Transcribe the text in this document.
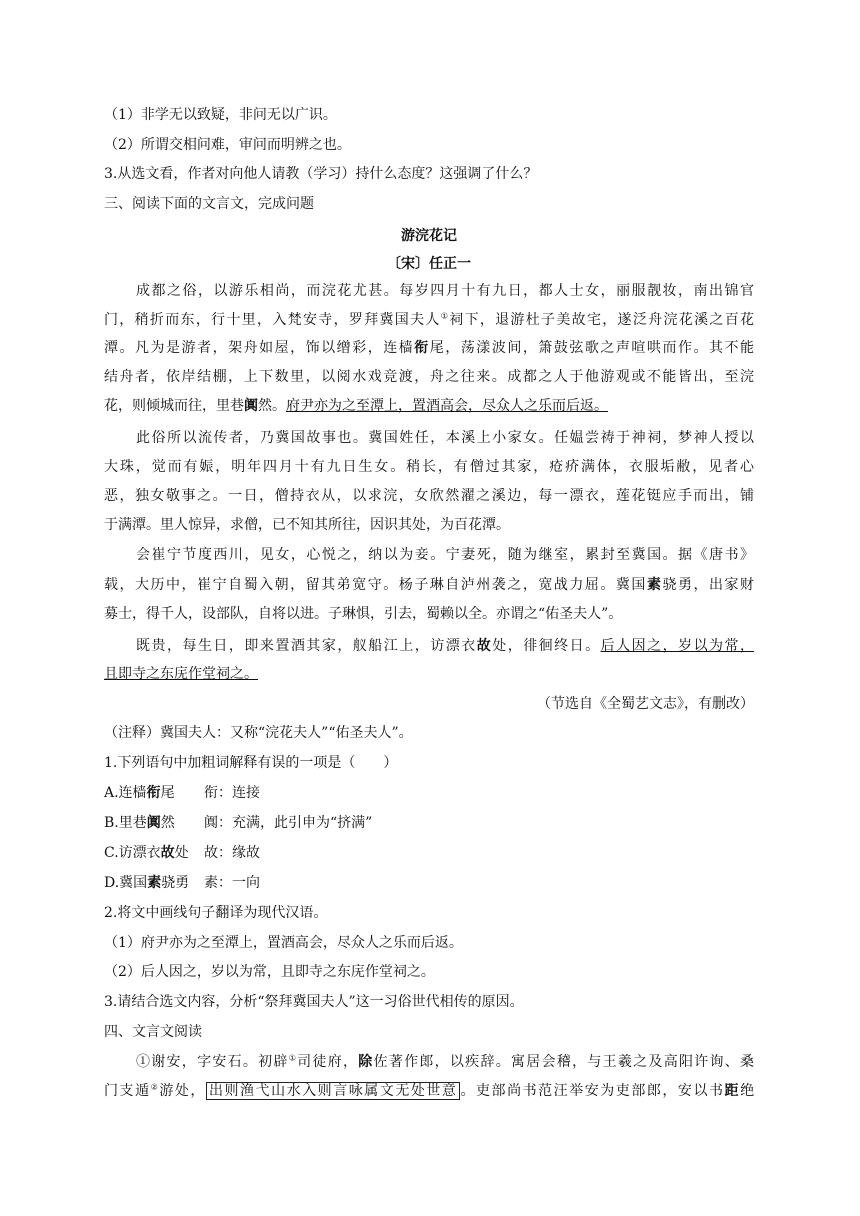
（1）非学无以致疑，非问无以广识。
（2）所谓交相问难，审问而明辨之也。
3.从选文看，作者对向他人请教（学习）持什么态度？这强调了什么？
三、阅读下面的文言文，完成问题
游浣花记
〔宋〕任正一
成都之俗，以游乐相尚，而浣花尤甚。每岁四月十有九日，都人士女，丽服靓妆，南出锦官
门，稍折而东，行十里，入梵安寺，罗拜冀国夫人①祠下，退游杜子美故宅，遂泛舟浣花溪之百花
潭。凡为是游者，架舟如屋，饰以缯彩，连樯衔尾，荡漾波间，箫鼓弦歌之声喧哄而作。其不能
结舟者，依岸结棚，上下数里，以阅水戏竞渡，舟之往来。成都之人于他游观或不能皆出，至浣
花，则倾城而往，里巷阗然。府尹亦为之至潭上，置酒高会，尽众人之乐而后返。
此俗所以流传者，乃冀国故事也。冀国姓任，本溪上小家女。任媪尝祷于神祠，梦神人授以
大珠，觉而有娠，明年四月十有九日生女。稍长，有僧过其家，疮疥满体，衣服垢敝，见者心
恶，独女敬事之。一日，僧持衣从，以求浣，女欣然濯之溪边，每一漂衣，莲花铤应手而出，铺
于满潭。里人惊异，求僧，已不知其所往，因识其处，为百花潭。
会崔宁节度西川，见女，心悦之，纳以为妾。宁妻死，随为继室，累封至冀国。据《唐书》
载，大历中，崔宁自蜀入朝，留其弟宽守。杨子琳自泸州袭之，宽战力屈。冀国素骁勇，出家财
募士，得千人，设部队，自将以进。子琳惧，引去，蜀赖以全。亦谓之“佑圣夫人”。
既贵，每生日，即来置酒其家，舣船江上，访漂衣故处，徘徊终日。后人因之，岁以为常，
且即寺之东庑作堂祠之。
（节选自《全蜀艺文志》，有删改）
（注释）冀国夫人：又称“浣花夫人”“佑圣夫人”。
1.下列语句中加粗词解释有误的一项是（　　）
A.连樯衔尾 衔：连接
B.里巷阗然 阗：充满，此引申为“挤满”
C.访漂衣故处 故：缘故
D.冀国素骁勇 素：一向
2.将文中画线句子翻译为现代汉语。
（1）府尹亦为之至潭上，置酒高会，尽众人之乐而后返。
（2）后人因之，岁以为常，且即寺之东庑作堂祠之。
3.请结合选文内容，分析“祭拜冀国夫人”这一习俗世代相传的原因。
四、文言文阅读
①谢安，字安石。初辟①司徒府，除佐著作郎，以疾辞。寓居会稽，与王羲之及高阳许询、桑
门支遁②游处， 出则渔弋山水入则言咏属文无处世意 。吏部尚书范汪举安为吏部郎，安以书距绝
